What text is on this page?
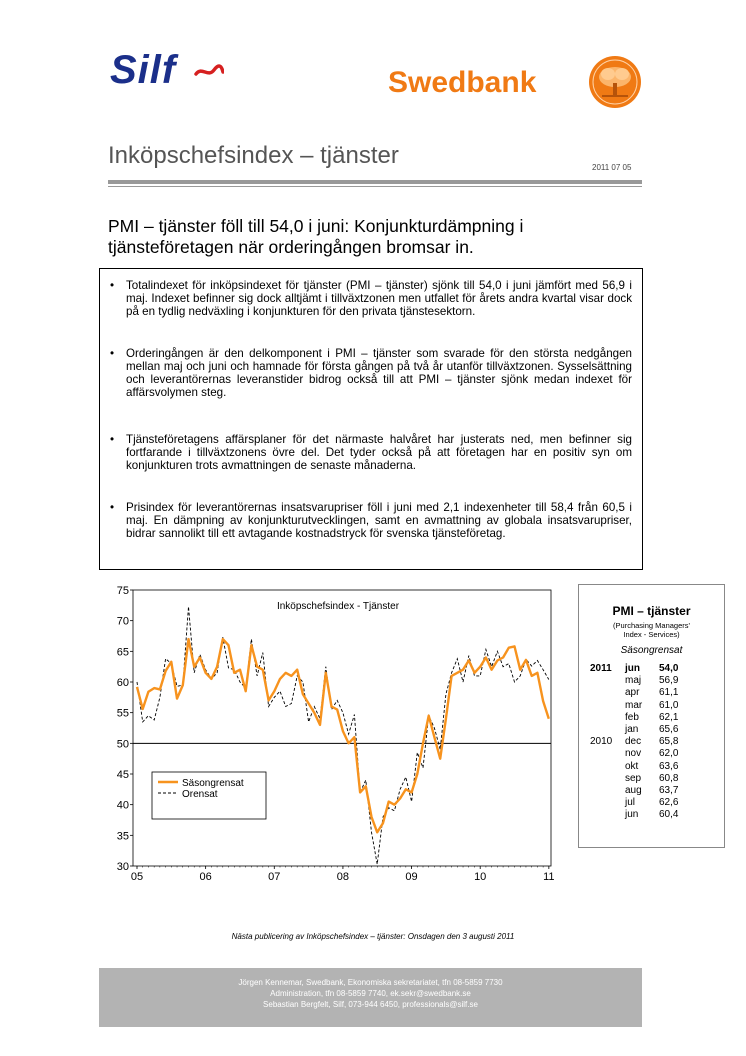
Silf	Swedbank
Inköpschefsindex – tjänster	2011 07 05
PMI – tjänster föll till 54,0 i juni: Konjunkturdämpning i tjänsteföretagen när orderingången bromsar in.
• Totalindexet för inköpsindexet för tjänster (PMI – tjänster) sjönk till 54,0 i juni jämfört med 56,9 i maj. Indexet befinner sig dock alltjämt i tillväxtzonen men utfallet för årets andra kvartal visar dock på en tydlig nedväxling i konjunkturen för den privata tjänstesektorn.
• Orderingången är den delkomponent i PMI – tjänster som svarade för den största nedgången mellan maj och juni och hamnade för första gången på två år utanför tillväxtzonen. Sysselsättning och leverantörernas leveranstider bidrog också till att PMI – tjänster sjönk medan indexet för affärsvolymen steg.
• Tjänsteföretagens affärsplaner för det närmaste halvåret har justerats ned, men befinner sig fortfarande i tillväxtzonens övre del. Det tyder också på att företagen har en positiv syn om konjunkturen trots avmattningen de senaste månaderna.
• Prisindex för leverantörernas insatsvarupriser föll i juni med 2,1 indexenheter till 58,4 från 60,5 i maj. En dämpning av konjunkturutvecklingen, samt en avmattning av globala insatsvarupriser, bidrar sannolikt till ett avtagande kostnadstryck för svenska tjänsteföretag.
30
35
40
45
50
55
60
65
70
75
05	06	07	08	09	10	11
Inköpschefsindex - Tjänster
Säsongrensat
Orensat
PMI – tjänster
(Purchasing Managers'
Index - Services)
Säsongrensat
2011 jun 54,0
maj 56,9
apr 61,1
mar 61,0
feb 62,1
jan 65,6
2010 dec 65,8
nov 62,0
okt 63,6
sep 60,8
aug 63,7
jul 62,6
jun 60,4
Nästa publicering av Inköpschefsindex – tjänster: Onsdagen den 3 augusti 2011
Jörgen Kennemar, Swedbank, Ekonomiska sekretariatet, tfn 08-5859 7730
Administration, tfn 08-5859 7740, ek.sekr@swedbank.se
Sebastian Bergfelt, Silf, 073-944 6450, professionals@silf.se
